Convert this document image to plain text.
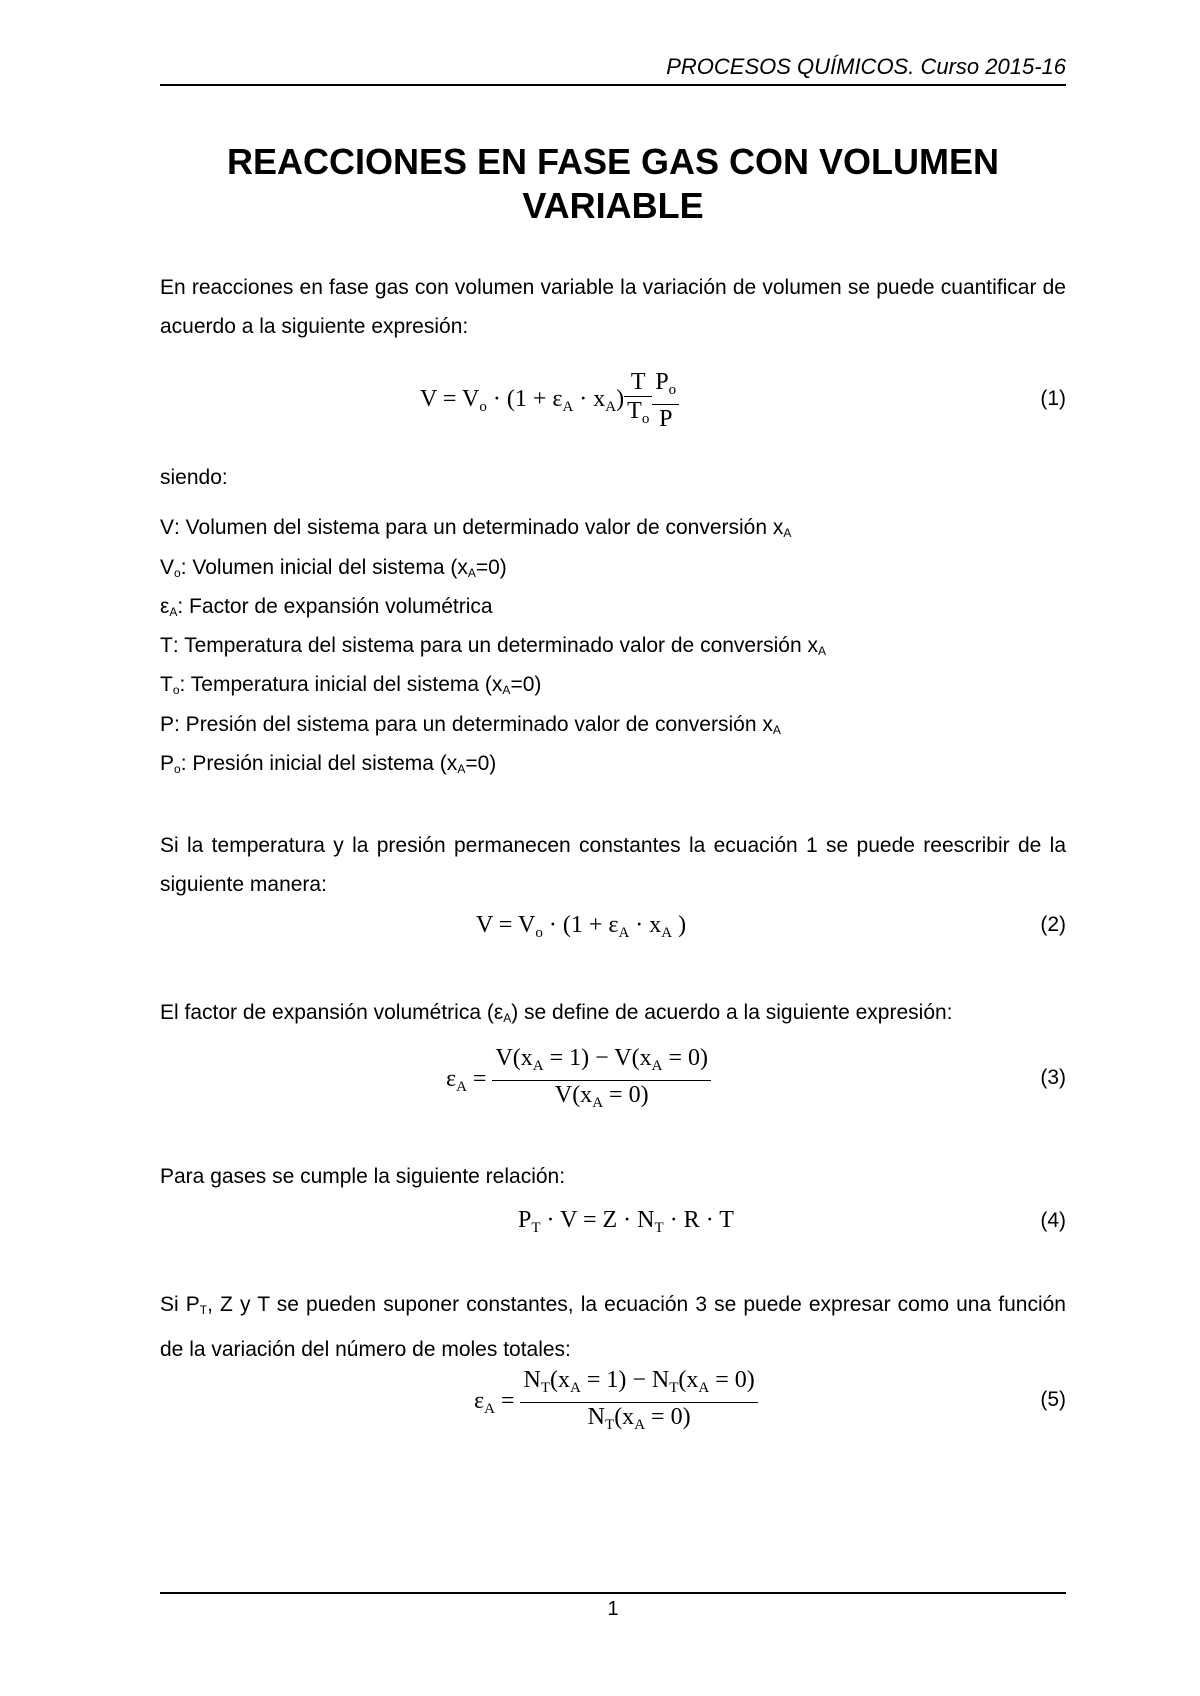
PROCESOS QUÍMICOS. Curso 2015-16
REACCIONES EN FASE GAS CON VOLUMEN
VARIABLE
En reacciones en fase gas con volumen variable la variación de volumen se puede cuantificar de acuerdo a la siguiente expresión:
$V = V_o \cdot (1 + \varepsilon_A \cdot x_A) \frac{T}{T_o} \frac{P_o}{P}$	(1)
siendo:
V: Volumen del sistema para un determinado valor de conversión xA
Vo: Volumen inicial del sistema (xA=0)
εA: Factor de expansión volumétrica
T: Temperatura del sistema para un determinado valor de conversión xA
To: Temperatura inicial del sistema (xA=0)
P: Presión del sistema para un determinado valor de conversión xA
Po: Presión inicial del sistema (xA=0)
Si la temperatura y la presión permanecen constantes la ecuación 1 se puede reescribir de la siguiente manera:
$V = V_o \cdot (1 + \varepsilon_A \cdot x_A$ )	(2)
El factor de expansión volumétrica (εA) se define de acuerdo a la siguiente expresión:
$\varepsilon_A = \frac{V(x_A = 1) - V(x_A = 0)}{V(x_A = 0)}$	(3)
Para gases se cumple la siguiente relación:
$P_T \cdot V = Z \cdot N_T \cdot R \cdot T$	(4)
Si PT, Z y T se pueden suponer constantes, la ecuación 3 se puede expresar como una función de la variación del número de moles totales:
$\varepsilon_A = \frac{N_T(x_A = 1) - N_T(x_A = 0)}{N_T(x_A = 0)}$	(5)
1
